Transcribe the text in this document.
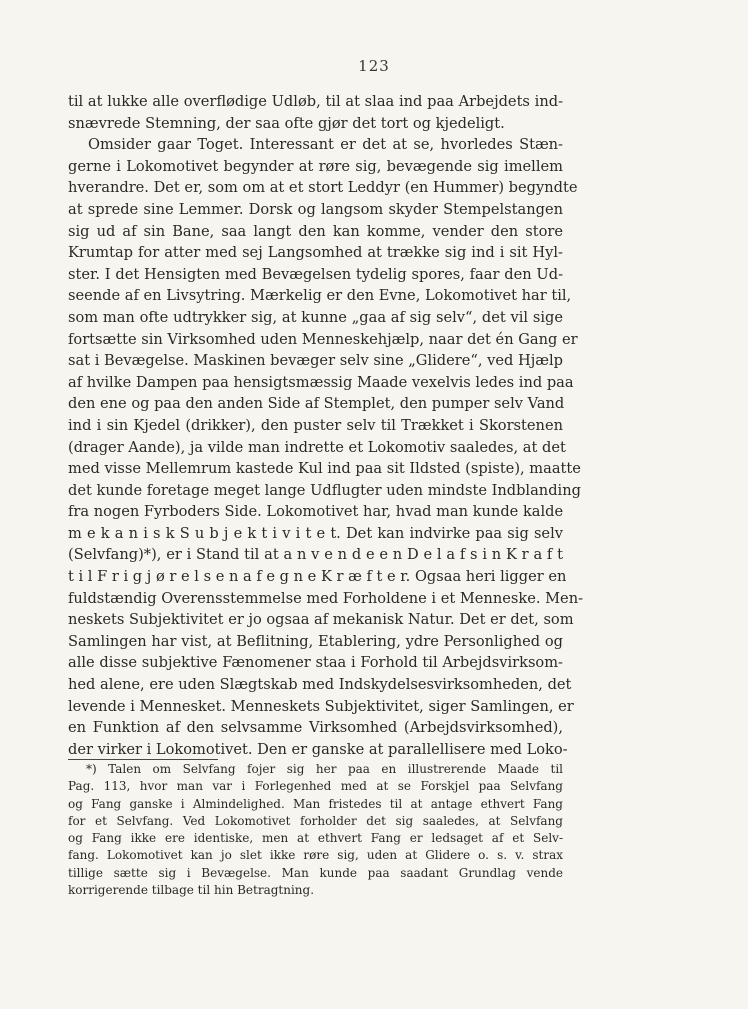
123
til at lukke alle overflødige Udløb, til at slaa ind paa Arbejdets ind-
snævrede Stemning, der saa ofte gjør det tort og kjedeligt.
Omsider gaar Toget. Interessant er det at se, hvorledes Stæn-
gerne i Lokomotivet begynder at røre sig, bevægende sig imellem
hverandre. Det er, som om at et stort Leddyr (en Hummer) begyndte
at sprede sine Lemmer. Dorsk og langsom skyder Stempelstangen
sig ud af sin Bane, saa langt den kan komme, vender den store
Krumtap for atter med sej Langsomhed at trække sig ind i sit Hyl-
ster. I det Hensigten med Bevægelsen tydelig spores, faar den Ud-
seende af en Livsytring. Mærkelig er den Evne, Lokomotivet har til,
som man ofte udtrykker sig, at kunne „gaa af sig selv“, det vil sige
fortsætte sin Virksomhed uden Menneskehjælp, naar det én Gang er
sat i Bevægelse. Maskinen bevæger selv sine „Glidere“, ved Hjælp
af hvilke Dampen paa hensigtsmæssig Maade vexelvis ledes ind paa
den ene og paa den anden Side af Stemplet, den pumper selv Vand
ind i sin Kjedel (drikker), den puster selv til Trækket i Skorstenen
(drager Aande), ja vilde man indrette et Lokomotiv saaledes, at det
med visse Mellemrum kastede Kul ind paa sit Ildsted (spiste), maatte
det kunde foretage meget lange Udflugter uden mindste Indblanding
fra nogen Fyrboders Side. Lokomotivet har, hvad man kunde kalde
m e k a n i s k S u b j e k t i v i t e t. Det kan indvirke paa sig selv
(Selvfang)*), er i Stand til at a n v e n d e e n D e l a f s i n K r a f t
t i l F r i g j ø r e l s e n a f e g n e K r æ f t e r. Ogsaa heri ligger en
fuldstændig Overensstemmelse med Forholdene i et Menneske. Men-
neskets Subjektivitet er jo ogsaa af mekanisk Natur. Det er det, som
Samlingen har vist, at Beflitning, Etablering, ydre Personlighed og
alle disse subjektive Fænomener staa i Forhold til Arbejdsvirksom-
hed alene, ere uden Slægtskab med Indskydelsesvirksomheden, det
levende i Mennesket. Menneskets Subjektivitet, siger Samlingen, er
en Funktion af den selvsamme Virksomhed (Arbejdsvirksomhed),
der virker i Lokomotivet. Den er ganske at parallellisere med Loko-
*) Talen om Selvfang fojer sig her paa en illustrerende Maade til
Pag. 113, hvor man var i Forlegenhed med at se Forskjel paa Selvfang
og Fang ganske i Almindelighed. Man fristedes til at antage ethvert Fang
for et Selvfang. Ved Lokomotivet forholder det sig saaledes, at Selvfang
og Fang ikke ere identiske, men at ethvert Fang er ledsaget af et Selv-
fang. Lokomotivet kan jo slet ikke røre sig, uden at Glidere o. s. v. strax
tillige sætte sig i Bevægelse. Man kunde paa saadant Grundlag vende
korrigerende tilbage til hin Betragtning.
